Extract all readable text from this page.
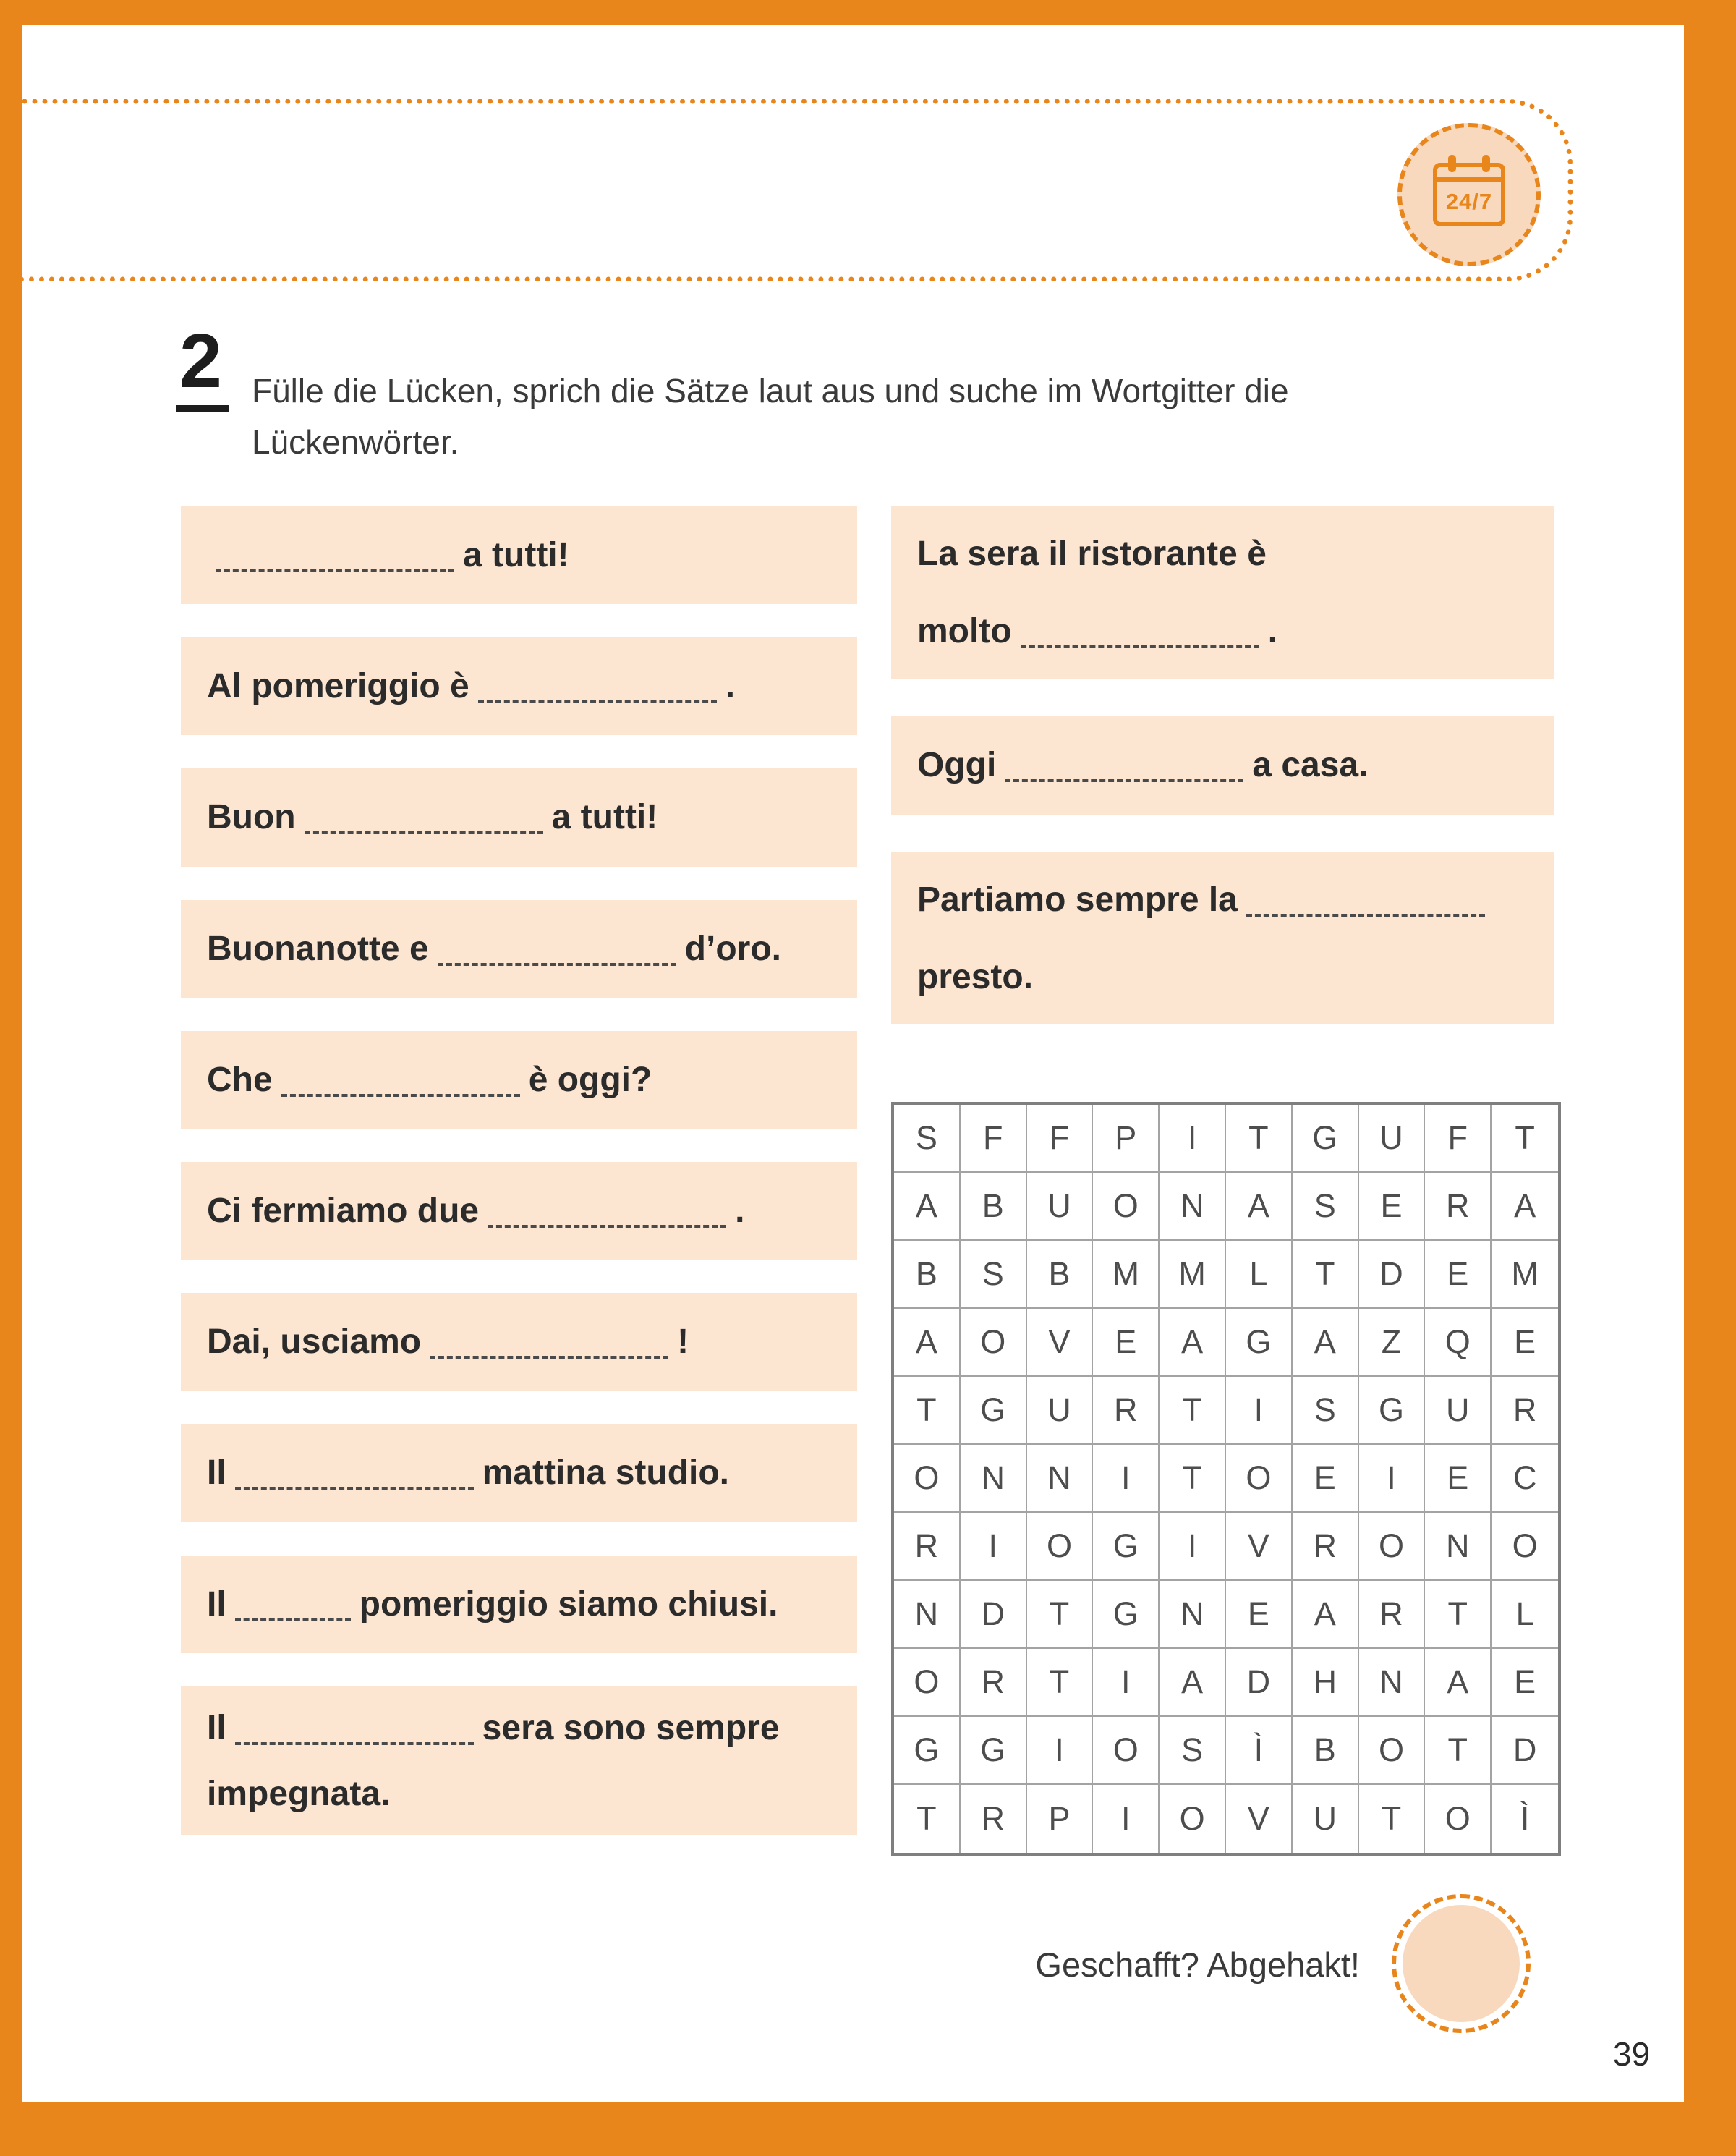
24/7
2 Fülle die Lücken, sprich die Sätze laut aus und suche im Wortgitter die
Lückenwörter.
a tutti!
Al pomeriggio è	.
Buon	a tutti!
Buonanotte e	d’oro.
Che	è oggi?
Ci fermiamo due	.
Dai, usciamo	!
Il	mattina studio.
Il	pomeriggio siamo chiusi.
Il	sera sono sempre
impegnata.
La sera il ristorante è
molto	.
Oggi	a casa.
Partiamo sempre la
presto.
S	F	F	P	I	T	G	U	F	T
A	B	U	O	N	A	S	E	R	A
B	S	B	M	M	L	T	D	E	M
A	O	V	E	A	G	A	Z	Q	E
T	G	U	R	T	I	S	G	U	R
O	N	N	I	T	O	E	I	E	C
R	I	O	G	I	V	R	O	N	O
N	D	T	G	N	E	A	R	T	L
O	R	T	I	A	D	H	N	A	E
G	G	I	O	S	Ì	B	O	T	D
T	R	P	I	O	V	U	T	O	Ì
Geschafft? Abgehakt!
39
